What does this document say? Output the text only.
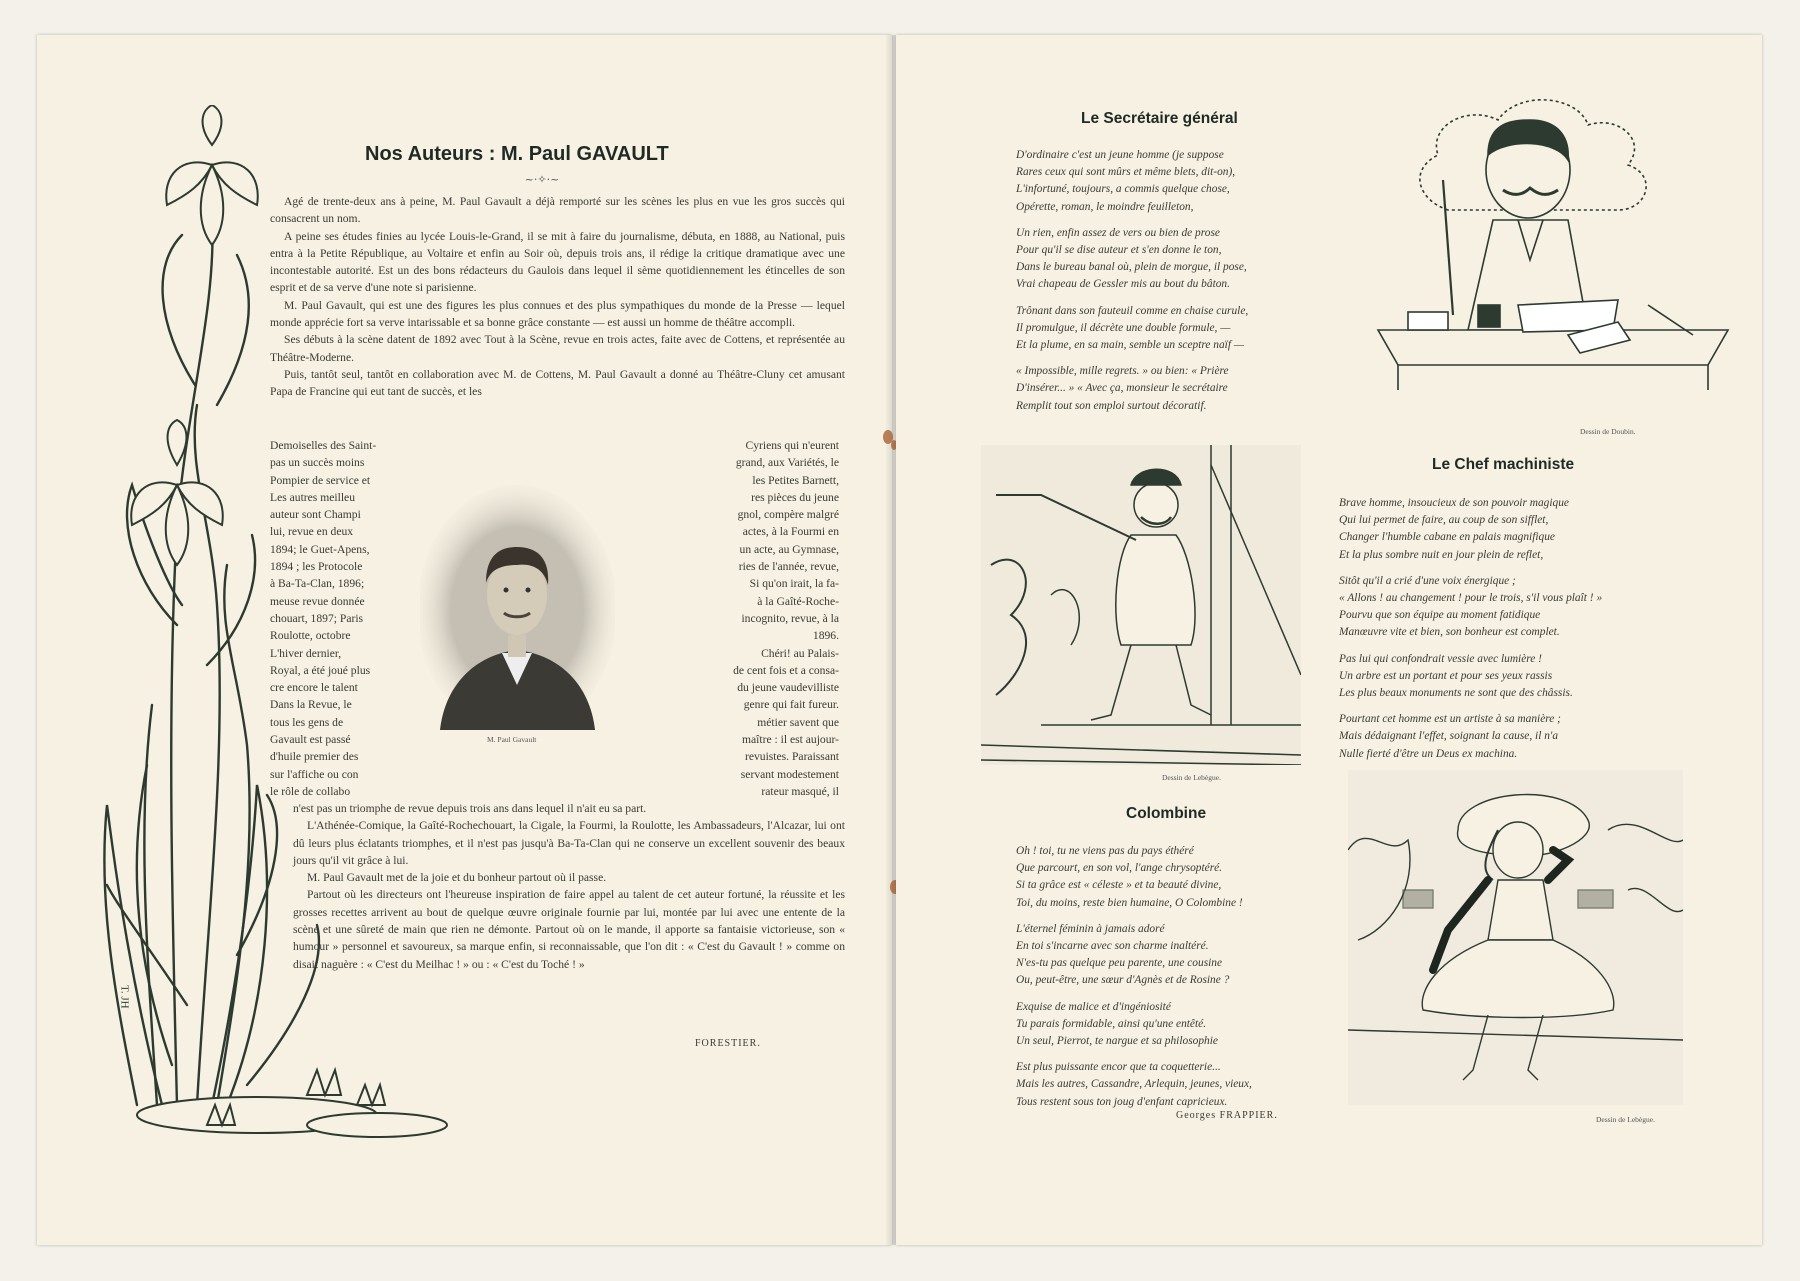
T. JH
Nos Auteurs : M. Paul GAVAULT
~·✧·~

Agé de trente-deux ans à peine, M. Paul Gavault a déjà remporté sur les scènes les plus en vue les gros succès qui consacrent un nom.

A peine ses études finies au lycée Louis-le-Grand, il se mit à faire du journalisme, débuta, en 1888, au National, puis entra à la Petite République, au Voltaire et enfin au Soir où, depuis trois ans, il rédige la critique dramatique avec une incontestable autorité. Est un des bons rédacteurs du Gaulois dans lequel il sème quotidiennement les étincelles de son esprit et de sa verve d'une note si parisienne.

M. Paul Gavault, qui est une des figures les plus connues et des plus sympathiques du monde de la Presse — lequel monde apprécie fort sa verve intarissable et sa bonne grâce constante — est aussi un homme de théâtre accompli.

Ses débuts à la scène datent de 1892 avec Tout à la Scène, revue en trois actes, faite avec de Cottens, et représentée au Théâtre-Moderne.

Puis, tantôt seul, tantôt en collaboration avec M. de Cottens, M. Paul Gavault a donné au Théâtre-Cluny cet amusant Papa de Francine qui eut tant de succès, et les

Demoiselles des Saint-
pas un succès moins
Pompier de service et
Les autres meilleu
auteur sont Champi
lui, revue en deux
1894; le Guet-Apens,
1894 ; les Protocole
à Ba-Ta-Clan, 1896;
meuse revue donnée
chouart, 1897; Paris
Roulotte, octobre
L'hiver dernier,
Royal, a été joué plus
cre encore le talent
Dans la Revue, le
tous les gens de
Gavault est passé
d'huile premier des
sur l'affiche ou con
le rôle de collabo
M. Paul Gavault
Cyriens qui n'eurent
grand, aux Variétés, le
les Petites Barnett,
res pièces du jeune
gnol, compère malgré
actes, à la Fourmi en
un acte, au Gymnase,
ries de l'année, revue,
Si qu'on irait, la fa-
à la Gaîté-Roche-
incognito, revue, à la
1896.
Chéri! au Palais-
de cent fois et a consa-
du jeune vaudevilliste
genre qui fait fureur.
métier savent que
maître : il est aujour-
revuistes. Paraissant
servant modestement
rateur masqué, il

n'est pas un triomphe de revue depuis trois ans dans lequel il n'ait eu sa part.

L'Athénée-Comique, la Gaîté-Rochechouart, la Cigale, la Fourmi, la Roulotte, les Ambassadeurs, l'Alcazar, lui ont dû leurs plus éclatants triomphes, et il n'est pas jusqu'à Ba-Ta-Clan qui ne conserve un excellent souvenir des beaux jours qu'il vit grâce à lui.

M. Paul Gavault met de la joie et du bonheur partout où il passe.

Partout où les directeurs ont l'heureuse inspiration de faire appel au talent de cet auteur fortuné, la réussite et les grosses recettes arrivent au bout de quelque œuvre originale fournie par lui, montée par lui avec une entente de la scène et une sûreté de main que rien ne démonte. Partout où on le mande, il apporte sa fantaisie victorieuse, son « humour » personnel et savoureux, sa marque enfin, si reconnaissable, que l'on dit : « C'est du Gavault ! » comme on disait naguère : « C'est du Meilhac ! » ou : « C'est du Toché ! »

FORESTIER.
Le Secrétaire général
D'ordinaire c'est un jeune homme (je suppose
Rares ceux qui sont mûrs et même blets, dit-on),
L'infortuné, toujours, a commis quelque chose,
Opérette, roman, le moindre feuilleton,
Un rien, enfin assez de vers ou bien de prose
Pour qu'il se dise auteur et s'en donne le ton,
Dans le bureau banal où, plein de morgue, il pose,
Vrai chapeau de Gessler mis au bout du bâton.
Trônant dans son fauteuil comme en chaise curule,
Il promulgue, il décrète une double formule, —
Et la plume, en sa main, semble un sceptre naïf —
« Impossible, mille regrets. » ou bien: « Prière
D'insérer... » « Avec ça, monsieur le secrétaire
Remplit tout son emploi surtout décoratif.
Dessin de Doubin.
Dessin de Lebègue.
Le Chef machiniste
Brave homme, insoucieux de son pouvoir magique
Qui lui permet de faire, au coup de son sifflet,
Changer l'humble cabane en palais magnifique
Et la plus sombre nuit en jour plein de reflet,
Sitôt qu'il a crié d'une voix énergique ;
« Allons ! au changement ! pour le trois, s'il vous plaît ! »
Pourvu que son équipe au moment fatidique
Manœuvre vite et bien, son bonheur est complet.
Pas lui qui confondrait vessie avec lumière !
Un arbre est un portant et pour ses yeux rassis
Les plus beaux monuments ne sont que des châssis.
Pourtant cet homme est un artiste à sa manière ;
Mais dédaignant l'effet, soignant la cause, il n'a
Nulle fierté d'être un Deus ex machina.
Colombine
Oh ! toi, tu ne viens pas du pays éthéré
Que parcourt, en son vol, l'ange chrysoptéré.
Si ta grâce est « céleste » et ta beauté divine,
Toi, du moins, reste bien humaine, O Colombine !
L'éternel féminin à jamais adoré
En toi s'incarne avec son charme inaltéré.
N'es-tu pas quelque peu parente, une cousine
Ou, peut-être, une sœur d'Agnès et de Rosine ?
Exquise de malice et d'ingéniosité
Tu parais formidable, ainsi qu'une entêté.
Un seul, Pierrot, te nargue et sa philosophie
Est plus puissante encor que ta coquetterie...
Mais les autres, Cassandre, Arlequin, jeunes, vieux,
Tous restent sous ton joug d'enfant capricieux.
Georges FRAPPIER.	Dessin de Lebègue.
